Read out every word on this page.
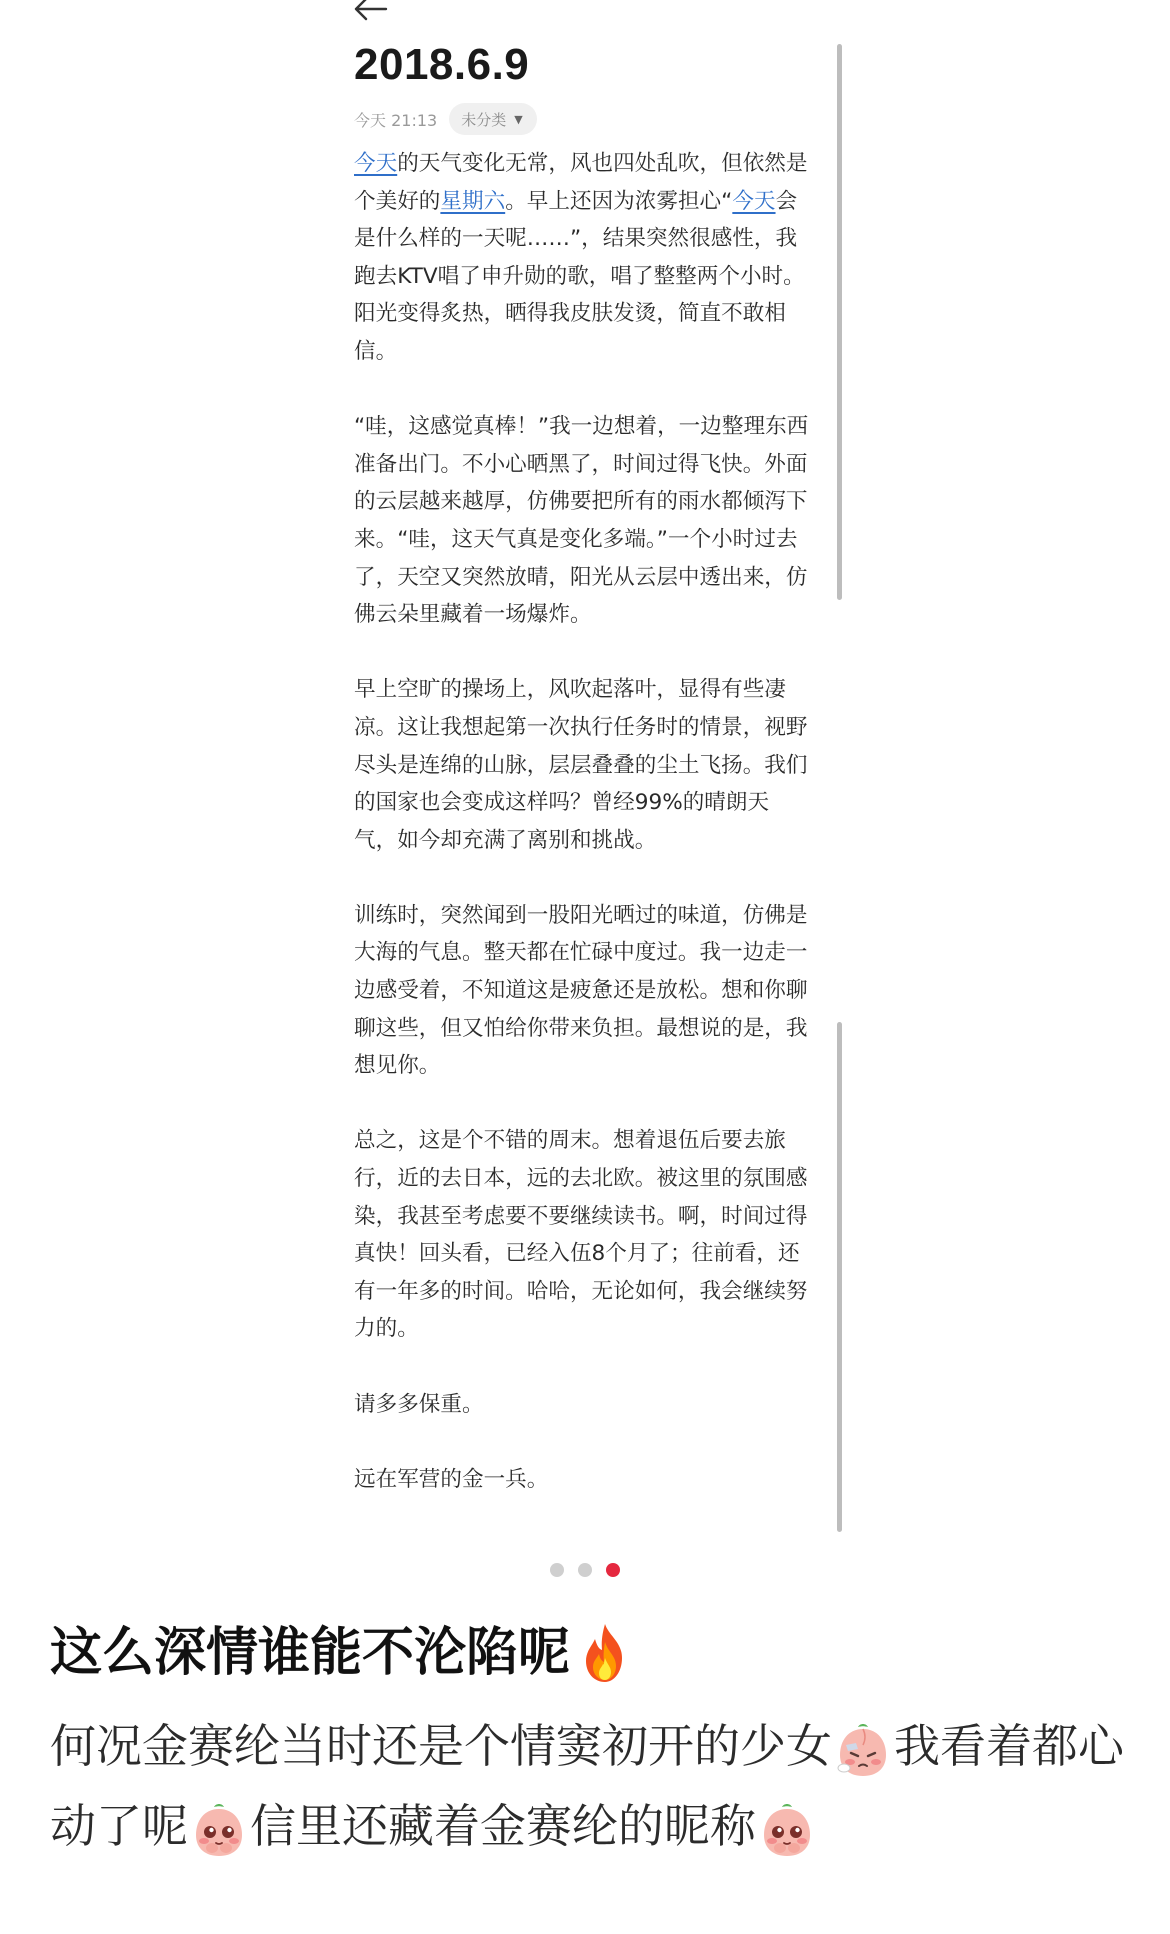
2018.6.9
今天 21:13 未分类 ▼

今天的天气变化无常，风也四处乱吹，但依然是个美好的星期六。早上还因为浓雾担心“今天会是什么样的一天呢……”，结果突然很感性，我跑去KTV唱了申升勋的歌，唱了整整两个小时。阳光变得炙热，晒得我皮肤发烫，简直不敢相信。

“哇，这感觉真棒！”我一边想着，一边整理东西准备出门。不小心晒黑了，时间过得飞快。外面的云层越来越厚，仿佛要把所有的雨水都倾泻下来。“哇，这天气真是变化多端。”一个小时过去了，天空又突然放晴，阳光从云层中透出来，仿佛云朵里藏着一场爆炸。

早上空旷的操场上，风吹起落叶，显得有些凄凉。这让我想起第一次执行任务时的情景，视野尽头是连绵的山脉，层层叠叠的尘土飞扬。我们的国家也会变成这样吗？曾经99%的晴朗天气，如今却充满了离别和挑战。

训练时，突然闻到一股阳光晒过的味道，仿佛是大海的气息。整天都在忙碌中度过。我一边走一边感受着，不知道这是疲惫还是放松。想和你聊聊这些，但又怕给你带来负担。最想说的是，我想见你。

总之，这是个不错的周末。想着退伍后要去旅行，近的去日本，远的去北欧。被这里的氛围感染，我甚至考虑要不要继续读书。啊，时间过得真快！回头看，已经入伍8个月了；往前看，还有一年多的时间。哈哈，无论如何，我会继续努力的。

请多多保重。

远在军营的金一兵。

这么深情谁能不沦陷呢

何况金赛纶当时还是个情窦初开的少女 我看着都心动了呢 信里还藏着金赛纶的昵称
